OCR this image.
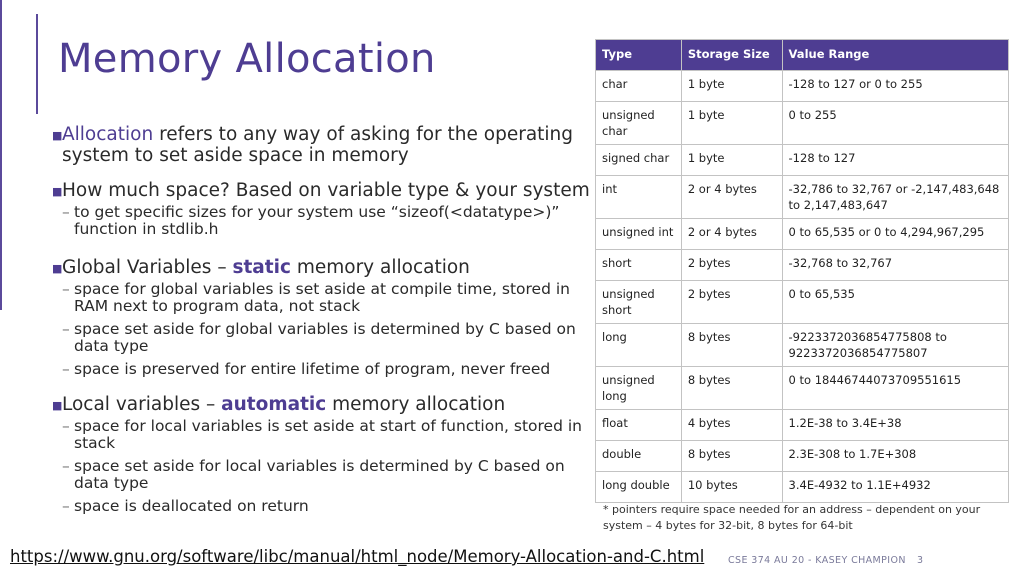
Memory Allocation
■ Allocation refers to any way of asking for the operating system to set aside space in memory
■ How much space? Based on variable type & your system
– to get specific sizes for your system use “sizeof(<datatype>)” function in stdlib.h
■ Global Variables – static memory allocation
– space for global variables is set aside at compile time, stored in RAM next to program data, not stack
– space set aside for global variables is determined by C based on data type
– space is preserved for entire lifetime of program, never freed
■ Local variables – automatic memory allocation
– space for local variables is set aside at start of function, stored in stack
– space set aside for local variables is determined by C based on data type
– space is deallocated on return
Type	Storage Size	Value Range
char	1 byte	-128 to 127 or 0 to 255
unsigned char	1 byte	0 to 255
signed char	1 byte	-128 to 127
int	2 or 4 bytes	-32,786 to 32,767 or -2,147,483,648 to 2,147,483,647
unsigned int	2 or 4 bytes	0 to 65,535 or 0 to 4,294,967,295
short	2 bytes	-32,768 to 32,767
unsigned short	2 bytes	0 to 65,535
long	8 bytes	-9223372036854775808 to 9223372036854775807
unsigned long	8 bytes	0 to 18446744073709551615
float	4 bytes	1.2E-38 to 3.4E+38
double	8 bytes	2.3E-308 to 1.7E+308
long double	10 bytes	3.4E-4932 to 1.1E+4932
* pointers require space needed for an address – dependent on your system – 4 bytes for 32-bit, 8 bytes for 64-bit
https://www.gnu.org/software/libc/manual/html_node/Memory-Allocation-and-C.html CSE 374 AU 20 - KASEY CHAMPION 3
